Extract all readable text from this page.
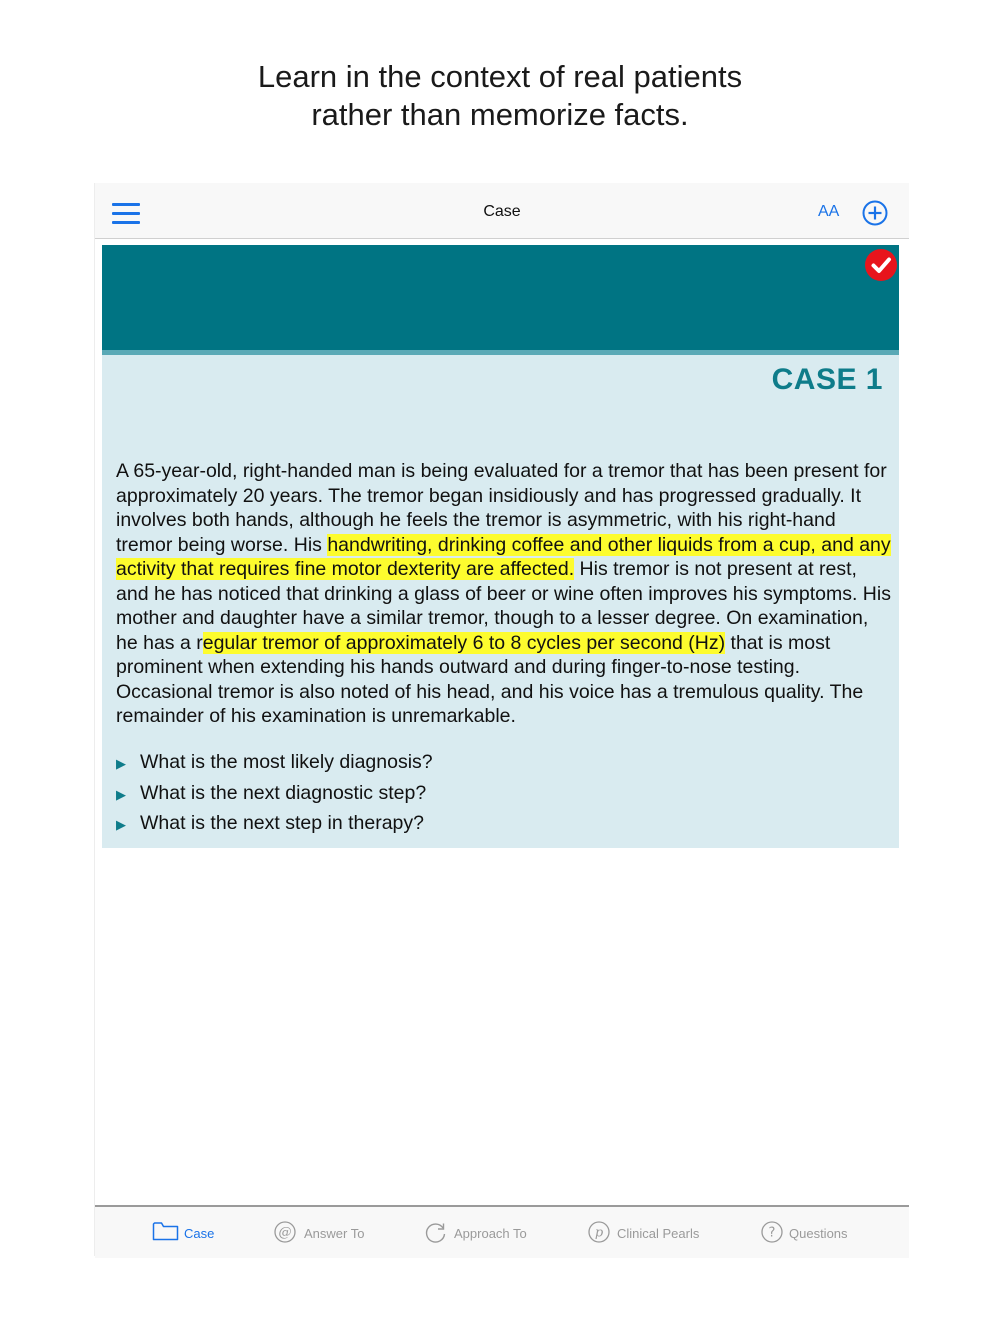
Learn in the context of real patients
rather than memorize facts.
Case	AA
CASE 1
A 65-year-old, right-handed man is being evaluated for a tremor that has been present for approximately 20 years. The tremor began insidiously and has progressed gradually. It involves both hands, although he feels the tremor is asymmetric, with his right-hand tremor being worse. His handwriting, drinking coffee and other liquids from a cup, and any activity that requires fine motor dexterity are affected. His tremor is not present at rest, and he has noticed that drinking a glass of beer or wine often improves his symptoms. His mother and daughter have a similar tremor, though to a lesser degree. On examination, he has a regular tremor of approximately 6 to 8 cycles per second (Hz) that is most prominent when extending his hands outward and during finger-to-nose testing. Occasional tremor is also noted of his head, and his voice has a tremulous quality. The remainder of his examination is unremarkable.
▶ What is the most likely diagnosis?
▶ What is the next diagnostic step?
▶ What is the next step in therapy?
Case	@ Answer To	Approach To	p Clinical Pearls	? Questions
